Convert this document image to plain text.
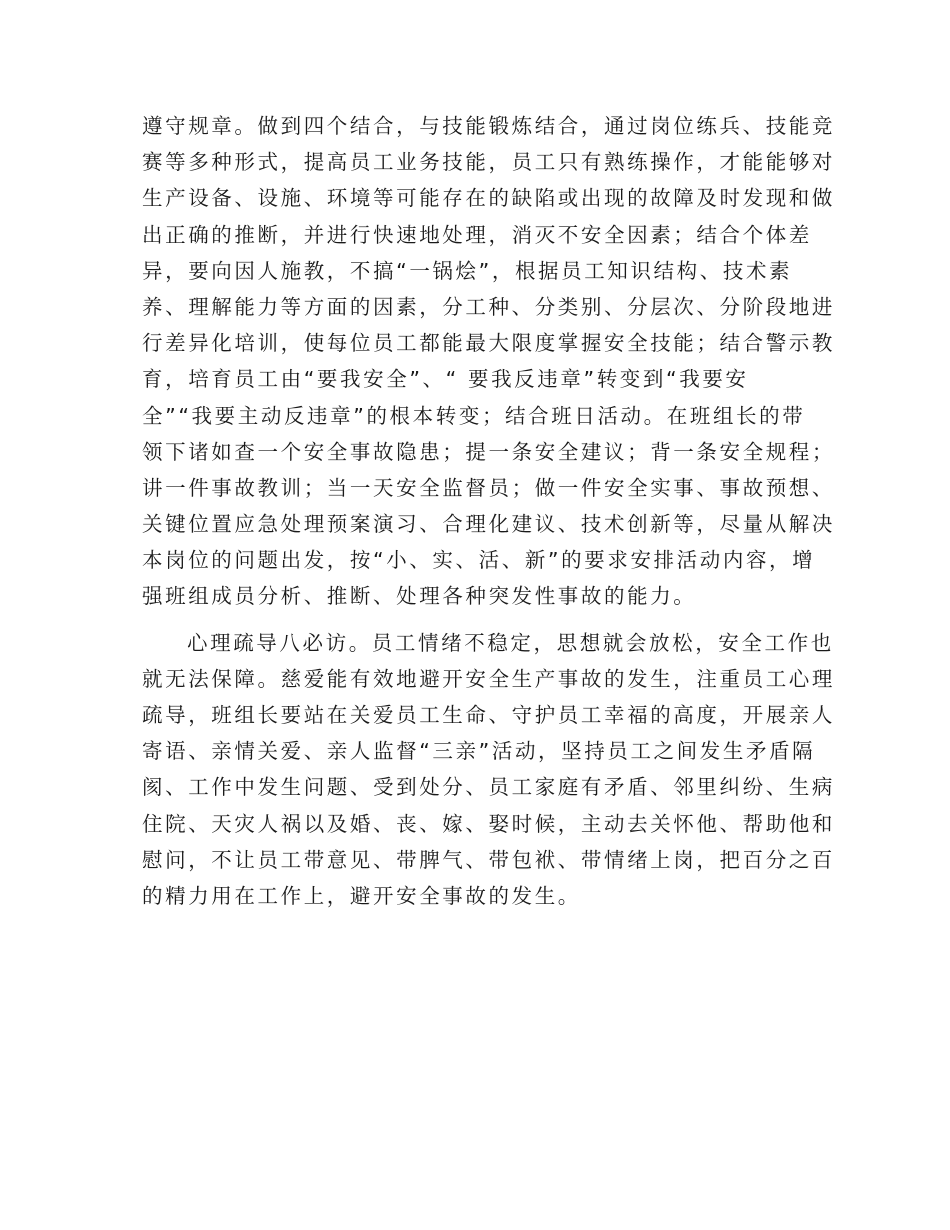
遵守规章。做到四个结合，与技能锻炼结合，通过岗位练兵、技能竞
赛等多种形式，提高员工业务技能，员工只有熟练操作，才能能够对
生产设备、设施、环境等可能存在的缺陷或出现的故障及时发现和做
出正确的推断，并进行快速地处理，消灭不安全因素；结合个体差
异，要向因人施教，不搞“一锅烩”，根据员工知识结构、技术素
养、理解能力等方面的因素，分工种、分类别、分层次、分阶段地进
行差异化培训，使每位员工都能最大限度掌握安全技能；结合警示教
育，培育员工由“要我安全”、“ 要我反违章”转变到“我要安
全”“我要主动反违章”的根本转变；结合班日活动。在班组长的带
领下诸如查一个安全事故隐患；提一条安全建议；背一条安全规程；
讲一件事故教训；当一天安全监督员；做一件安全实事、事故预想、
关键位置应急处理预案演习、合理化建议、技术创新等，尽量从解决
本岗位的问题出发，按“小、实、活、新”的要求安排活动内容，增
强班组成员分析、推断、处理各种突发性事故的能力。
心理疏导八必访。员工情绪不稳定，思想就会放松，安全工作也
就无法保障。慈爱能有效地避开安全生产事故的发生，注重员工心理
疏导，班组长要站在关爱员工生命、守护员工幸福的高度，开展亲人
寄语、亲情关爱、亲人监督“三亲”活动，坚持员工之间发生矛盾隔
阂、工作中发生问题、受到处分、员工家庭有矛盾、邻里纠纷、生病
住院、天灾人祸以及婚、丧、嫁、娶时候，主动去关怀他、帮助他和
慰问，不让员工带意见、带脾气、带包袱、带情绪上岗，把百分之百
的精力用在工作上，避开安全事故的发生。
